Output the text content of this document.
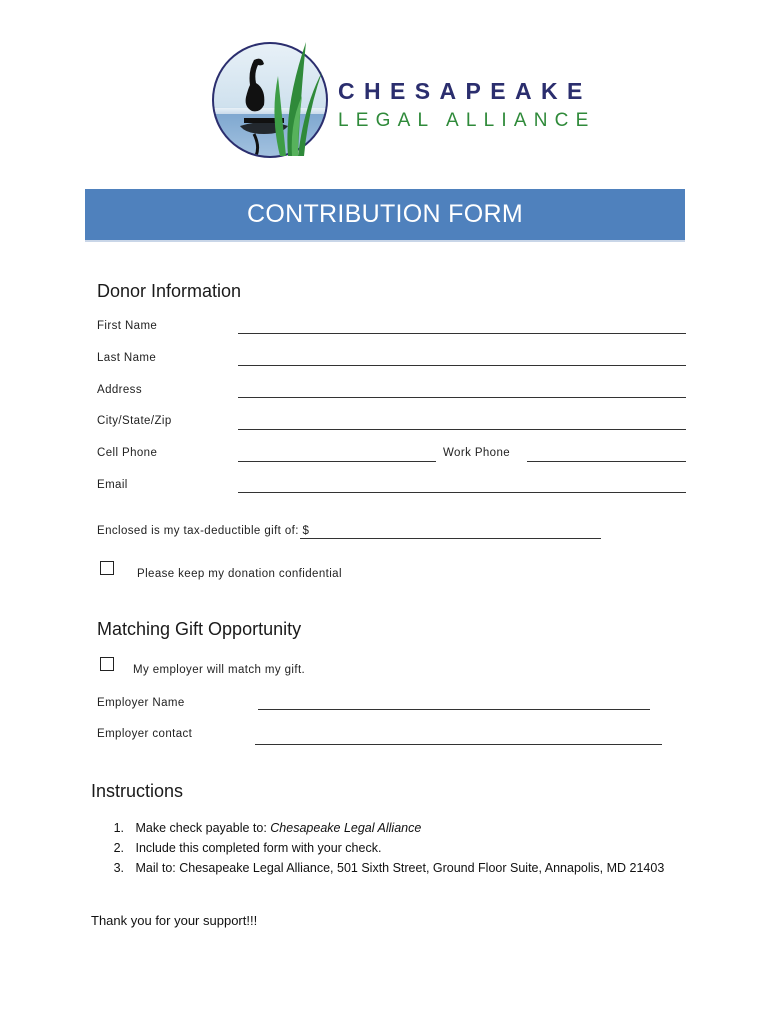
CHESAPEAKE
LEGAL ALLIANCE
CONTRIBUTION FORM
Donor Information
First Name
Last Name
Address
City/State/Zip
Cell Phone	Work Phone
Email
Enclosed is my tax-deductible gift of: $
Please keep my donation confidential
Matching Gift Opportunity
My employer will match my gift.
Employer Name
Employer contact
Instructions
1. Make check payable to: Chesapeake Legal Alliance
2. Include this completed form with your check.
3. Mail to: Chesapeake Legal Alliance, 501 Sixth Street, Ground Floor Suite, Annapolis, MD 21403
Thank you for your support!!!
